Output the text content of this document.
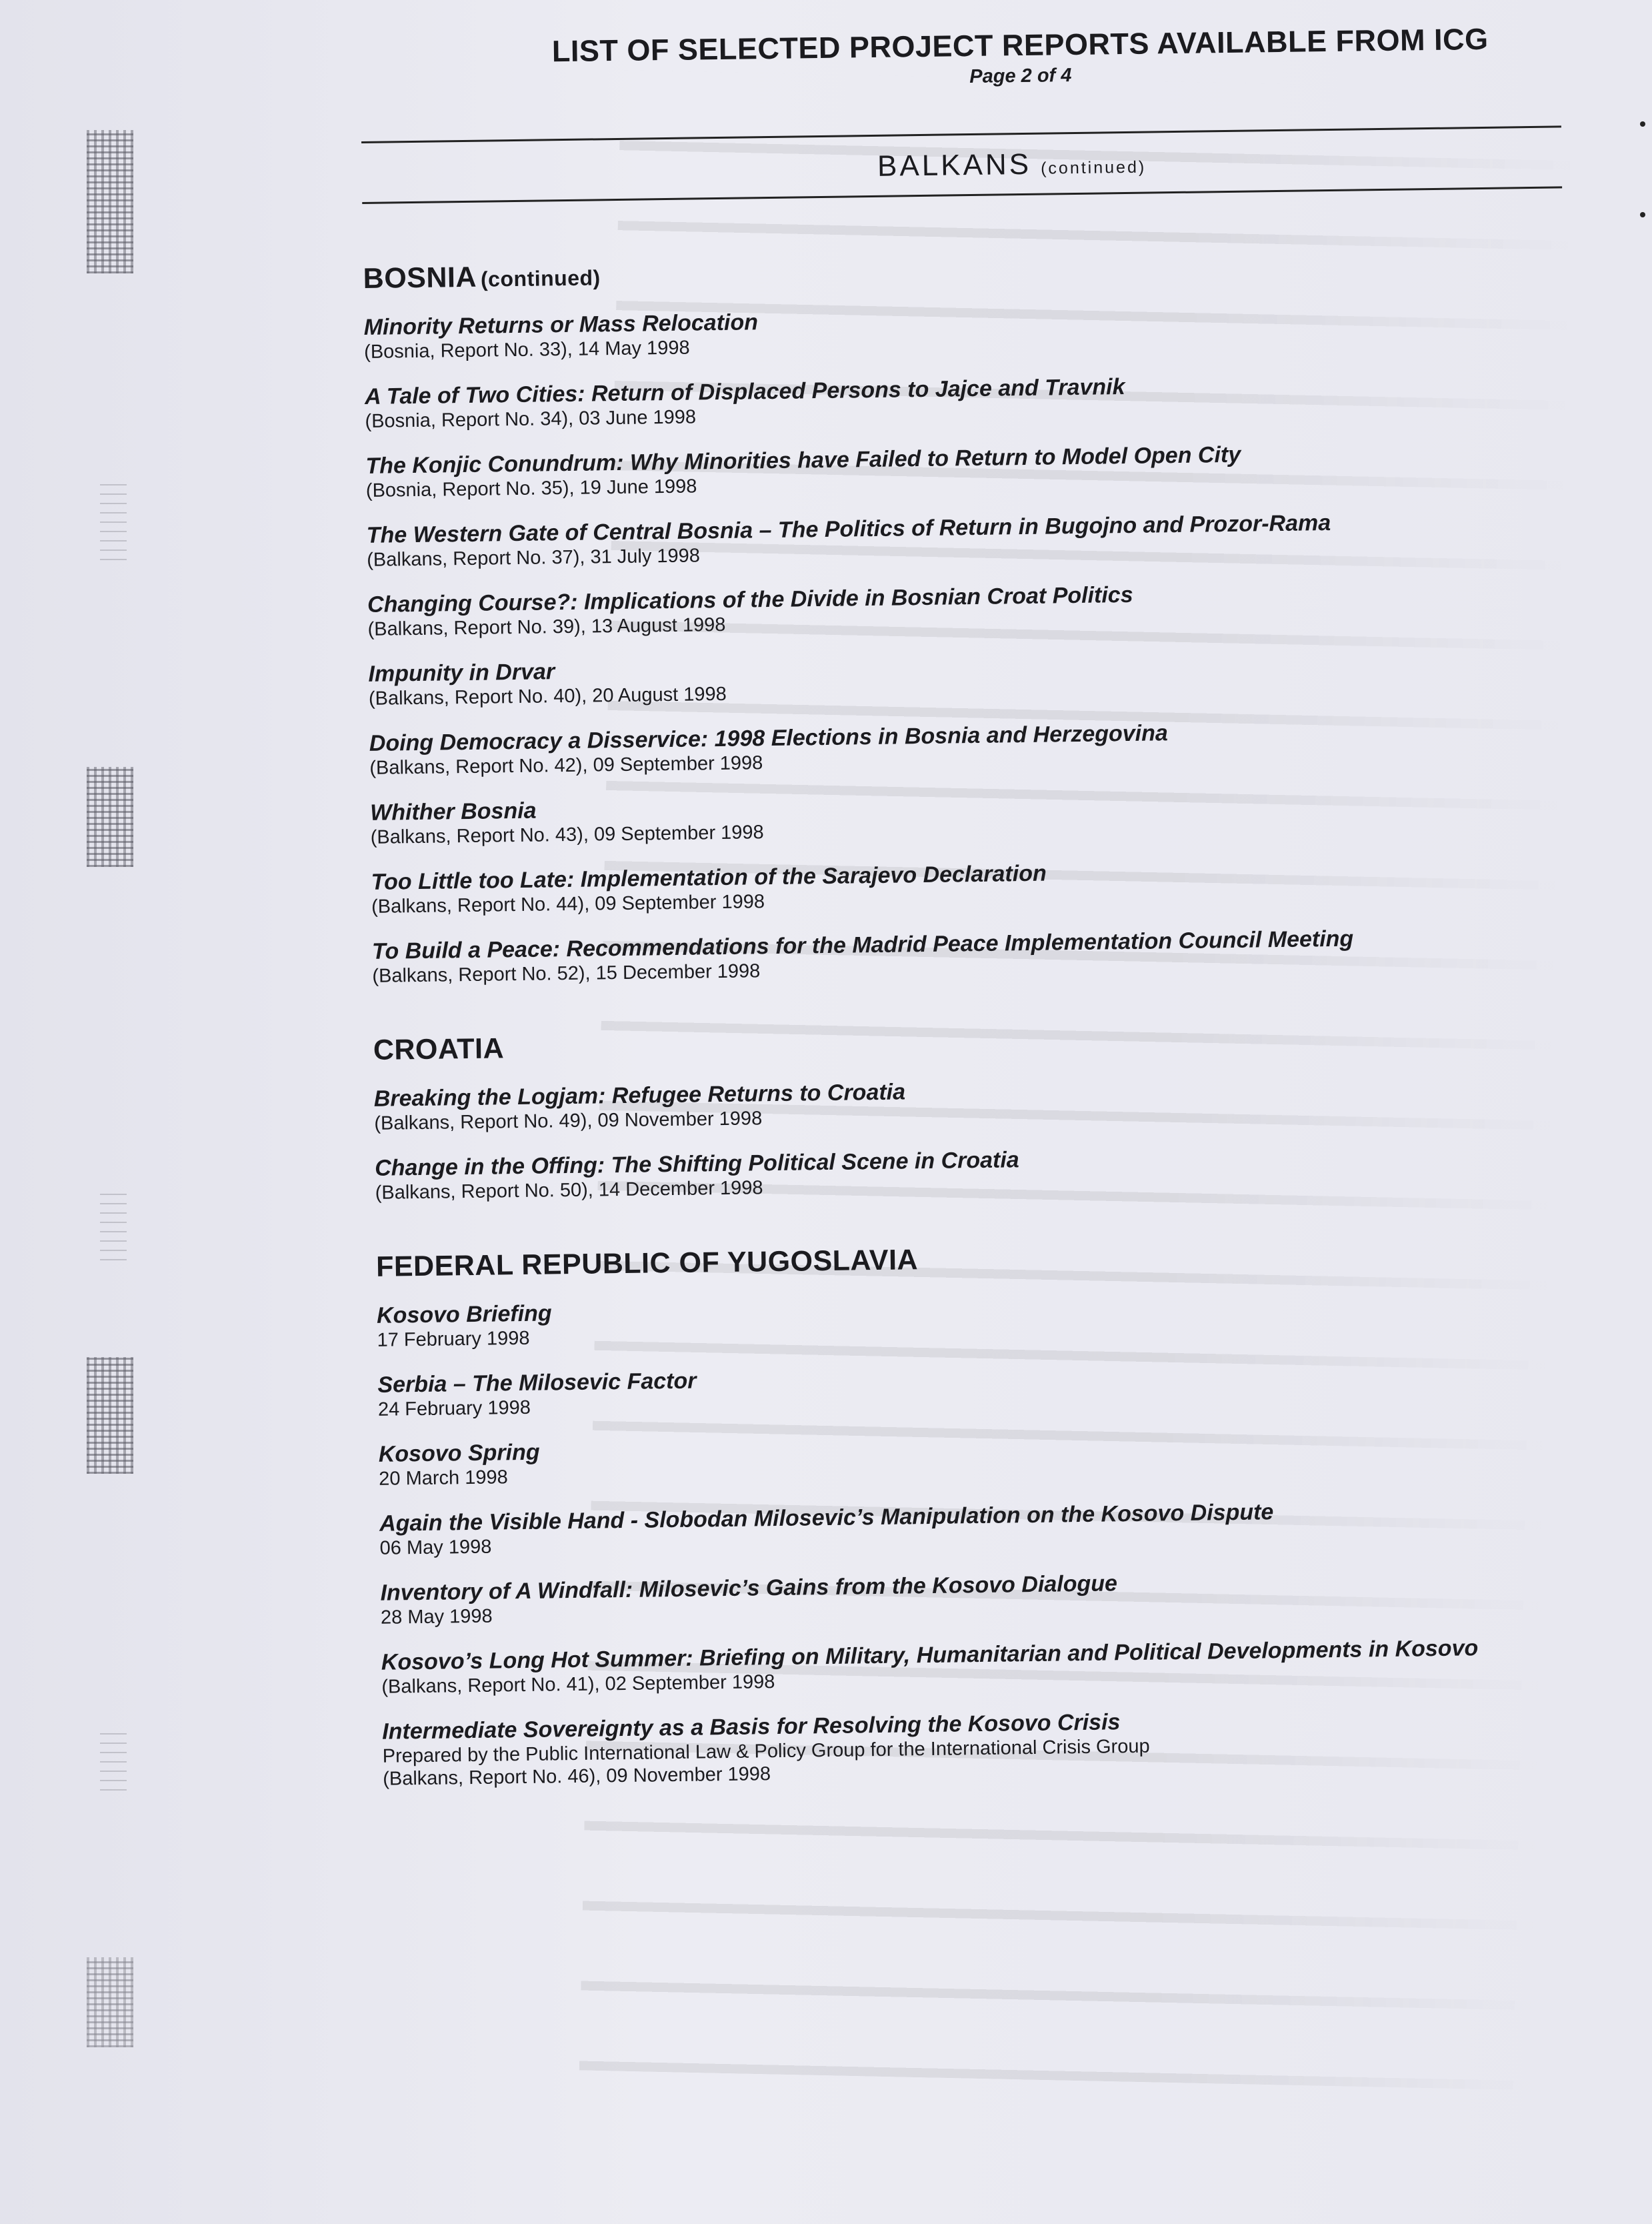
LIST OF SELECTED PROJECT REPORTS AVAILABLE FROM ICG
Page 2 of 4
BALKANS (continued)
BOSNIA (continued)
Minority Returns or Mass Relocation
(Bosnia, Report No. 33), 14 May 1998
A Tale of Two Cities: Return of Displaced Persons to Jajce and Travnik
(Bosnia, Report No. 34), 03 June 1998
The Konjic Conundrum: Why Minorities have Failed to Return to Model Open City
(Bosnia, Report No. 35), 19 June 1998
The Western Gate of Central Bosnia – The Politics of Return in Bugojno and Prozor-Rama
(Balkans, Report No. 37), 31 July 1998
Changing Course?: Implications of the Divide in Bosnian Croat Politics
(Balkans, Report No. 39), 13 August 1998
Impunity in Drvar
(Balkans, Report No. 40), 20 August 1998
Doing Democracy a Disservice: 1998 Elections in Bosnia and Herzegovina
(Balkans, Report No. 42), 09 September 1998
Whither Bosnia
(Balkans, Report No. 43), 09 September 1998
Too Little too Late: Implementation of the Sarajevo Declaration
(Balkans, Report No. 44), 09 September 1998
To Build a Peace: Recommendations for the Madrid Peace Implementation Council Meeting
(Balkans, Report No. 52), 15 December 1998
CROATIA
Breaking the Logjam: Refugee Returns to Croatia
(Balkans, Report No. 49), 09 November 1998
Change in the Offing: The Shifting Political Scene in Croatia
(Balkans, Report No. 50), 14 December 1998
FEDERAL REPUBLIC OF YUGOSLAVIA
Kosovo Briefing
17 February 1998
Serbia – The Milosevic Factor
24 February 1998
Kosovo Spring
20 March 1998
Again the Visible Hand - Slobodan Milosevic’s Manipulation on the Kosovo Dispute
06 May 1998
Inventory of A Windfall: Milosevic’s Gains from the Kosovo Dialogue
28 May 1998
Kosovo’s Long Hot Summer: Briefing on Military, Humanitarian and Political Developments in Kosovo
(Balkans, Report No. 41), 02 September 1998
Intermediate Sovereignty as a Basis for Resolving the Kosovo Crisis
Prepared by the Public International Law & Policy Group for the International Crisis Group
(Balkans, Report No. 46), 09 November 1998
